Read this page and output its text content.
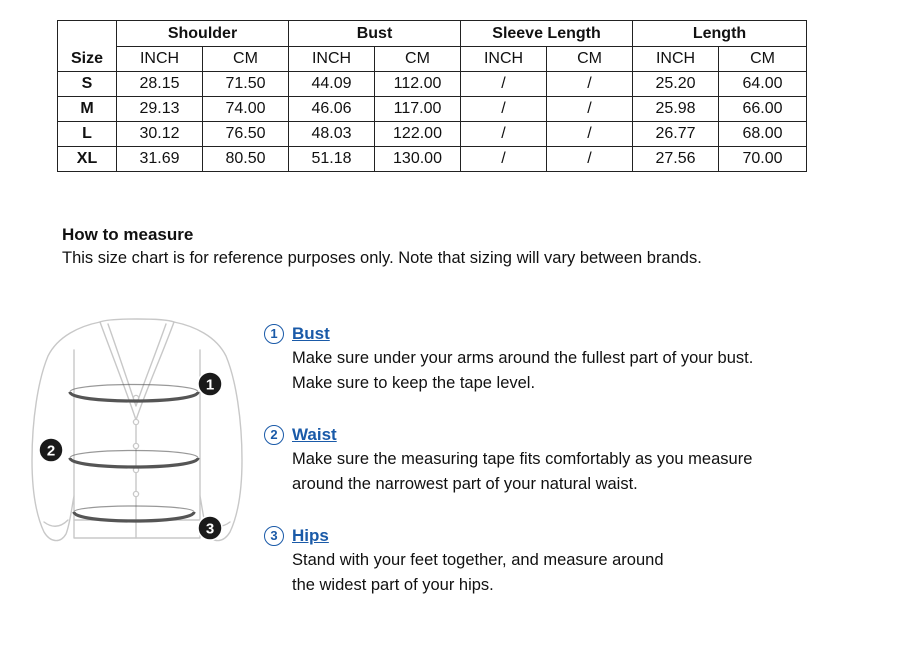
Size	Shoulder		Bust		Sleeve Length		Length	
	INCH	CM	INCH	CM	INCH	CM	INCH	CM
S	28.15	71.50	44.09	112.00	/	/	25.20	64.00
M	29.13	74.00	46.06	117.00	/	/	25.98	66.00
L	30.12	76.50	48.03	122.00	/	/	26.77	68.00
XL	31.69	80.50	51.18	130.00	/	/	27.56	70.00
How to measure

This size chart is for reference purposes only. Note that sizing will vary between brands.

1
2
3
1 Bust

Make sure under your arms around the fullest part of your bust.

Make sure to keep the tape level.

2 Waist

Make sure the measuring tape fits comfortably as you measure

around the narrowest part of your natural waist.

3 Hips

Stand with your feet together, and measure around

the widest part of your hips.
